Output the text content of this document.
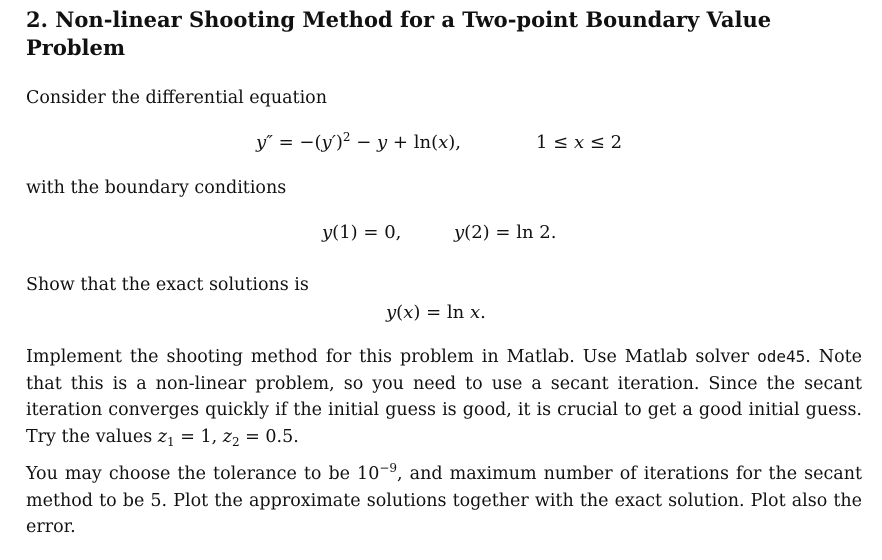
2. Non-linear Shooting Method for a Two-point Boundary Value Problem
Consider the differential equation
$y'' = -(y')^2 - y + \ln(x)$,	1 ≤ x ≤ 2
with the boundary conditions
y(1) = 0,	y(2) = ln 2.
Show that the exact solutions is
y(x) = ln x.
Implement the shooting method for this problem in Matlab. Use Matlab solver ode45. Note that this is a non-linear problem, so you need to use a secant iteration. Since the secant iteration converges quickly if the initial guess is good, it is crucial to get a good initial guess. Try the values $z_1 = 1$, $z_2 = 0.5$.
You may choose the tolerance to be $10^{-9}$, and maximum number of iterations for the secant method to be 5. Plot the approximate solutions together with the exact solution. Plot also the error.
